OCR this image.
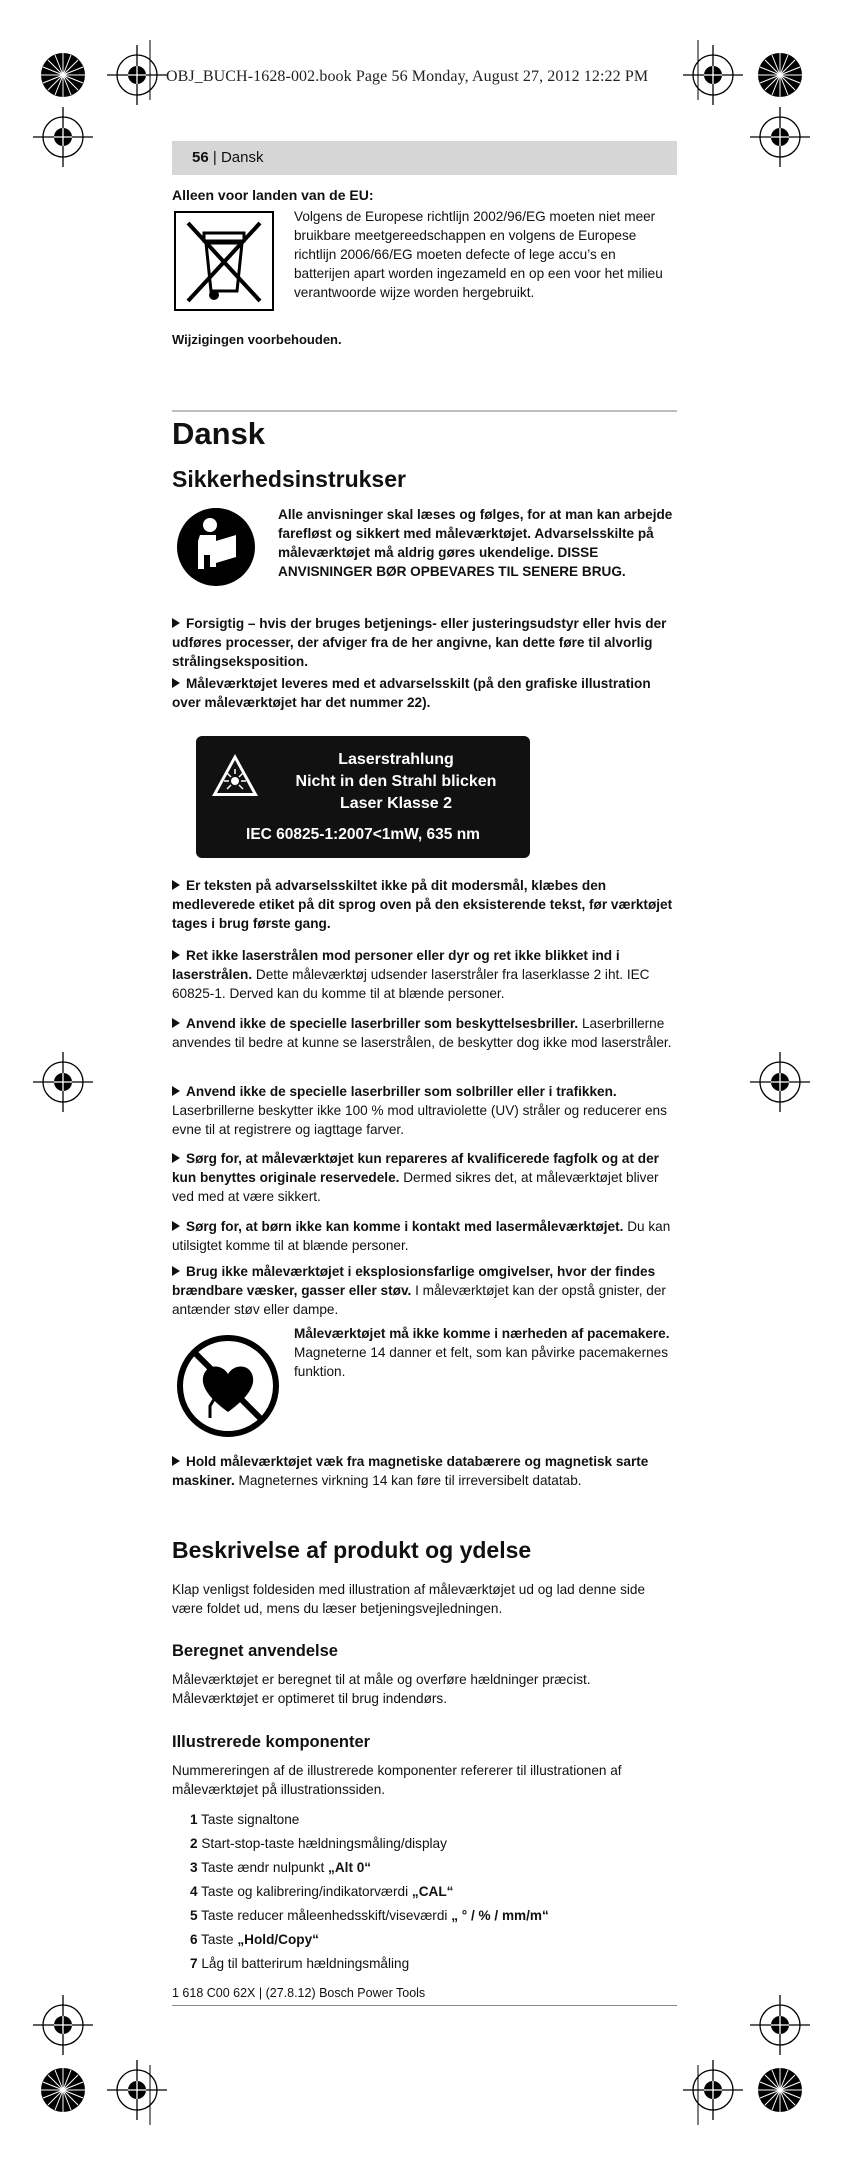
OBJ_BUCH-1628-002.book Page 56 Monday, August 27, 2012 12:22 PM
56 | Dansk
Alleen voor landen van de EU:
Volgens de Europese richtlijn 2002/96/EG moeten niet meer bruikbare meetgereedschappen en volgens de Europese richtlijn 2006/66/EG moeten defecte of lege accu’s en batterijen apart worden ingezameld en op een voor het milieu verantwoorde wijze worden hergebruikt.
Wijzigingen voorbehouden.
Dansk
Sikkerhedsinstrukser
Alle anvisninger skal læses og følges, for at man kan arbejde farefløst og sikkert med måleværktøjet. Advarselsskilte på måleværktøjet må aldrig gøres ukendelige. DISSE ANVISNINGER BØR OPBEVARES TIL SENERE BRUG.
Forsigtig – hvis der bruges betjenings- eller justeringsudstyr eller hvis der udføres processer, der afviger fra de her angivne, kan dette føre til alvorlig strålingseksposition.
Måleværktøjet leveres med et advarselsskilt (på den grafiske illustration over måleværktøjet har det nummer 22).
Laserstrahlung
Nicht in den Strahl blicken
Laser Klasse 2
IEC 60825-1:2007<1mW, 635 nm
Er teksten på advarselsskiltet ikke på dit modersmål, klæbes den medleverede etiket på dit sprog oven på den eksisterende tekst, før værktøjet tages i brug første gang.
Ret ikke laserstrålen mod personer eller dyr og ret ikke blikket ind i laserstrålen. Dette måleværktøj udsender laserstråler fra laserklasse 2 iht. IEC 60825-1. Derved kan du komme til at blænde personer.
Anvend ikke de specielle laserbriller som beskyttelsesbriller. Laserbrillerne anvendes til bedre at kunne se laserstrålen, de beskytter dog ikke mod laserstråler.
Anvend ikke de specielle laserbriller som solbriller eller i trafikken. Laserbrillerne beskytter ikke 100 % mod ultraviolette (UV) stråler og reducerer ens evne til at registrere og iagttage farver.
Sørg for, at måleværktøjet kun repareres af kvalificerede fagfolk og at der kun benyttes originale reservedele. Dermed sikres det, at måleværktøjet bliver ved med at være sikkert.
Sørg for, at børn ikke kan komme i kontakt med lasermåleværktøjet. Du kan utilsigtet komme til at blænde personer.
Brug ikke måleværktøjet i eksplosionsfarlige omgivelser, hvor der findes brændbare væsker, gasser eller støv. I måleværktøjet kan der opstå gnister, der antænder støv eller dampe.
Måleværktøjet må ikke komme i nærheden af pacemakere. Magneterne 14 danner et felt, som kan påvirke pacemakernes funktion.
Hold måleværktøjet væk fra magnetiske databærere og magnetisk sarte maskiner. Magneternes virkning 14 kan føre til irreversibelt datatab.
Beskrivelse af produkt og ydelse
Klap venligst foldesiden med illustration af måleværktøjet ud og lad denne side være foldet ud, mens du læser betjeningsvejledningen.
Beregnet anvendelse
Måleværktøjet er beregnet til at måle og overføre hældninger præcist. Måleværktøjet er optimeret til brug indendørs.
Illustrerede komponenter
Nummereringen af de illustrerede komponenter refererer til illustrationen af måleværktøjet på illustrationssiden.
1 Taste signaltone
2 Start-stop-taste hældningsmåling/display
3 Taste ændr nulpunkt „Alt 0“
4 Taste og kalibrering/indikatorværdi „CAL“
5 Taste reducer måleenhedsskift/viseværdi „ ° / % / mm/m“
6 Taste „Hold/Copy“
7 Låg til batterirum hældningsmåling
1 618 C00 62X | (27.8.12) Bosch Power Tools
